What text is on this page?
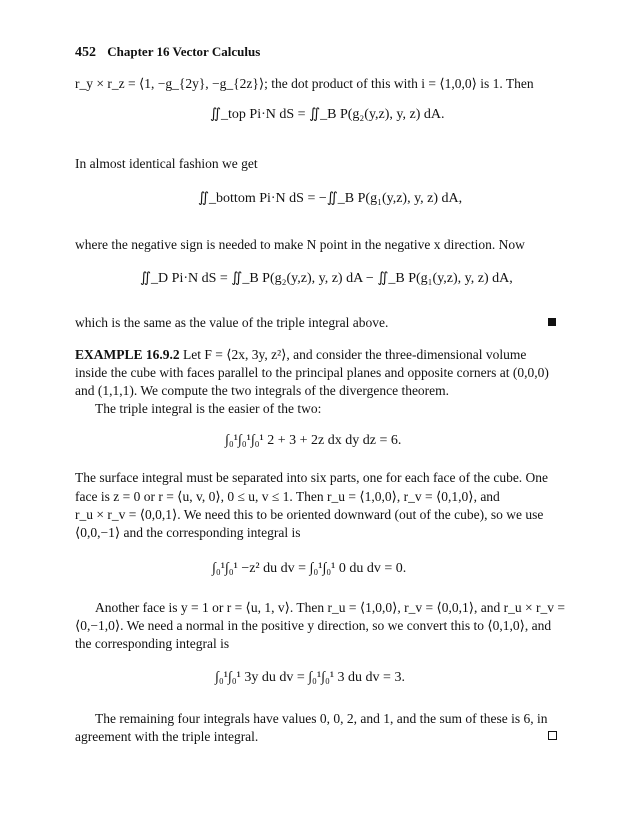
452 Chapter 16 Vector Calculus
r_y × r_z = ⟨1, −g_{2y}, −g_{2z}⟩; the dot product of this with i = ⟨1,0,0⟩ is 1. Then
∬_top Pi·N dS = ∬_B P(g₂(y,z), y, z) dA.
In almost identical fashion we get
∬_bottom Pi·N dS = −∬_B P(g₁(y,z), y, z) dA,
where the negative sign is needed to make N point in the negative x direction. Now
∬_D Pi·N dS = ∬_B P(g₂(y,z), y, z) dA − ∬_B P(g₁(y,z), y, z) dA,
which is the same as the value of the triple integral above.
EXAMPLE 16.9.2 Let F = ⟨2x, 3y, z²⟩, and consider the three-dimensional volume
inside the cube with faces parallel to the principal planes and opposite corners at (0,0,0)
and (1,1,1). We compute the two integrals of the divergence theorem.
The triple integral is the easier of the two:
∫₀¹∫₀¹∫₀¹ 2 + 3 + 2z dx dy dz = 6.
The surface integral must be separated into six parts, one for each face of the cube. One
face is z = 0 or r = ⟨u, v, 0⟩, 0 ≤ u, v ≤ 1. Then r_u = ⟨1,0,0⟩, r_v = ⟨0,1,0⟩, and
r_u × r_v = ⟨0,0,1⟩. We need this to be oriented downward (out of the cube), so we use
⟨0,0,−1⟩ and the corresponding integral is
∫₀¹∫₀¹ −z² du dv = ∫₀¹∫₀¹ 0 du dv = 0.
Another face is y = 1 or r = ⟨u, 1, v⟩. Then r_u = ⟨1,0,0⟩, r_v = ⟨0,0,1⟩, and r_u × r_v =
⟨0,−1,0⟩. We need a normal in the positive y direction, so we convert this to ⟨0,1,0⟩, and
the corresponding integral is
∫₀¹∫₀¹ 3y du dv = ∫₀¹∫₀¹ 3 du dv = 3.
The remaining four integrals have values 0, 0, 2, and 1, and the sum of these is 6, in
agreement with the triple integral.
